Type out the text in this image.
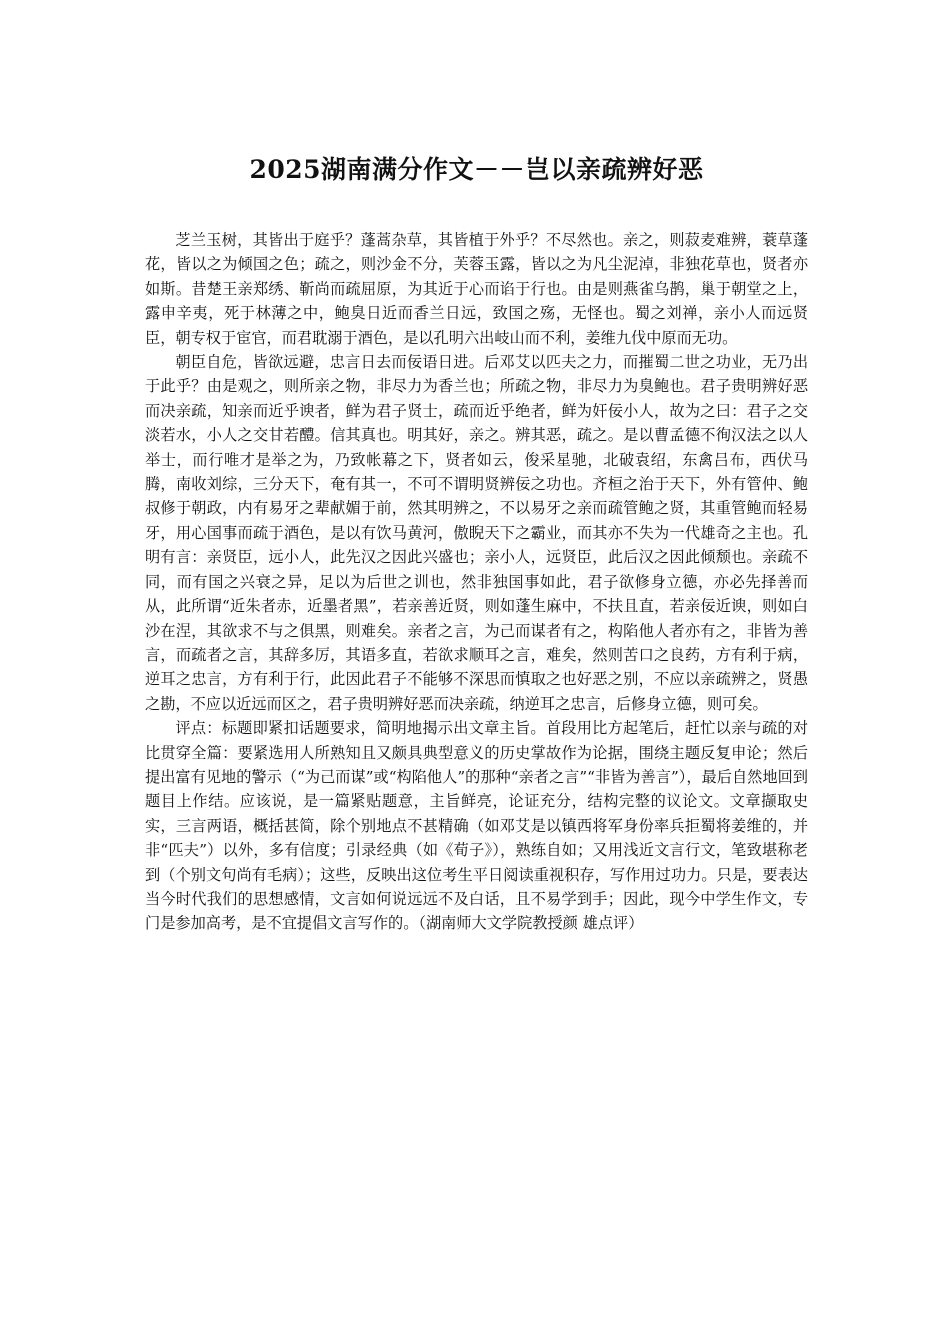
2025湖南满分作文－－岂以亲疏辨好恶

芝兰玉树，其皆出于庭乎？蓬蒿杂草，其皆植于外乎？不尽然也。亲之，则菽麦难辨，蓑草蓬花，皆以之为倾国之色；疏之，则沙金不分，芙蓉玉露，皆以之为凡尘泥淖，非独花草也，贤者亦如斯。昔楚王亲郑绣、靳尚而疏屈原，为其近于心而谄于行也。由是则燕雀乌鹊，巢于朝堂之上，露申辛夷，死于林薄之中，鲍臭日近而香兰日远，致国之殇，无怪也。蜀之刘禅，亲小人而远贤臣，朝专权于宦官，而君耽溺于酒色，是以孔明六出岐山而不利，姜维九伐中原而无功。

朝臣自危，皆欲远避，忠言日去而佞语日进。后邓艾以匹夫之力，而摧蜀二世之功业，无乃出于此乎？由是观之，则所亲之物，非尽力为香兰也；所疏之物，非尽力为臭鲍也。君子贵明辨好恶而决亲疏，知亲而近乎谀者，鲜为君子贤士，疏而近乎绝者，鲜为奸佞小人，故为之曰：君子之交淡若水，小人之交甘若醴。信其真也。明其好，亲之。辨其恶，疏之。是以曹孟德不徇汉法之以人举士，而行唯才是举之为，乃致帐幕之下，贤者如云，俊采星驰，北破袁绍，东禽吕布，西伏马腾，南收刘综，三分天下，奄有其一，不可不谓明贤辨佞之功也。齐桓之治于天下，外有管仲、鲍叔修于朝政，内有易牙之辈献媚于前，然其明辨之，不以易牙之亲而疏管鲍之贤，其重管鲍而轻易牙，用心国事而疏于酒色，是以有饮马黄河，傲睨天下之霸业，而其亦不失为一代雄奇之主也。孔明有言：亲贤臣，远小人，此先汉之因此兴盛也；亲小人，远贤臣，此后汉之因此倾颓也。亲疏不同，而有国之兴衰之异，足以为后世之训也，然非独国事如此，君子欲修身立德，亦必先择善而从，此所谓“近朱者赤，近墨者黑”，若亲善近贤，则如蓬生麻中，不扶且直，若亲佞近谀，则如白沙在涅，其欲求不与之俱黑，则难矣。亲者之言，为己而谋者有之，构陷他人者亦有之，非皆为善言，而疏者之言，其辞多厉，其语多直，若欲求顺耳之言，难矣，然则苦口之良药，方有利于病，逆耳之忠言，方有利于行，此因此君子不能够不深思而慎取之也好恶之别，不应以亲疏辨之，贤愚之勘，不应以近远而区之，君子贵明辨好恶而决亲疏，纳逆耳之忠言，后修身立德，则可矣。

评点：标题即紧扣话题要求，简明地揭示出文章主旨。首段用比方起笔后，赶忙以亲与疏的对比贯穿全篇：要紧选用人所熟知且又颇具典型意义的历史掌故作为论据，围绕主题反复申论；然后提出富有见地的警示（“为己而谋”或“构陷他人”的那种“亲者之言”“非皆为善言”），最后自然地回到题目上作结。应该说，是一篇紧贴题意，主旨鲜亮，论证充分，结构完整的议论文。文章撷取史实，三言两语，概括甚简，除个别地点不甚精确（如邓艾是以镇西将军身份率兵拒蜀将姜维的，并非“匹夫”）以外，多有信度；引录经典（如《荀子》），熟练自如；又用浅近文言行文，笔致堪称老到（个别文句尚有毛病）；这些，反映出这位考生平日阅读重视积存，写作用过功力。只是，要表达当今时代我们的思想感情，文言如何说远远不及白话，且不易学到手；因此，现今中学生作文，专门是参加高考，是不宜提倡文言写作的。（湖南师大文学院教授颜 雄点评）
